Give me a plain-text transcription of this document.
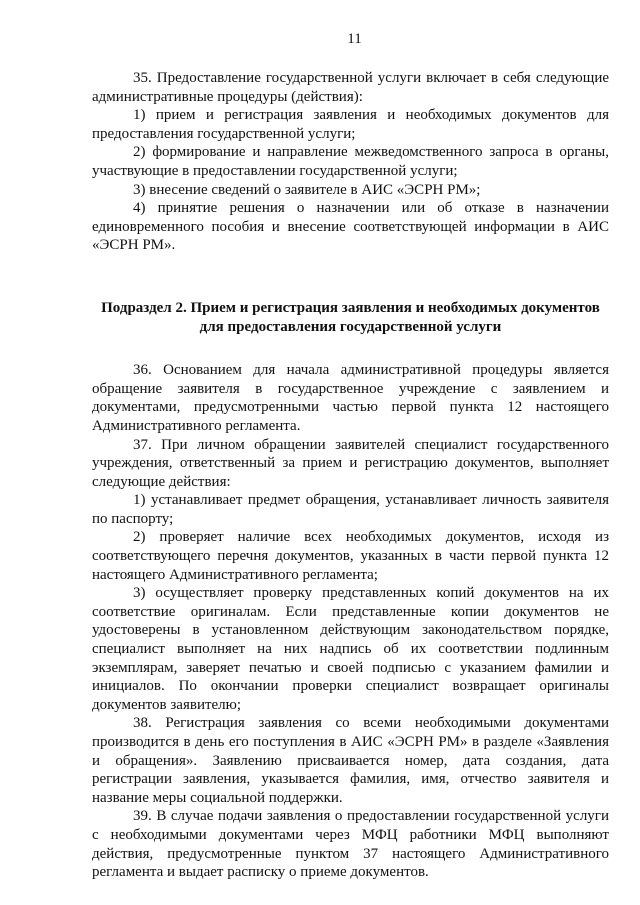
11

35. Предоставление государственной услуги включает в себя следующие административные процедуры (действия):

1) прием и регистрация заявления и необходимых документов для предоставления государственной услуги;

2) формирование и направление межведомственного запроса в органы, участвующие в предоставлении государственной услуги;

3) внесение сведений о заявителе в АИС «ЭСРН РМ»;

4) принятие решения о назначении или об отказе в назначении единовременного пособия и внесение соответствующей информации в АИС «ЭСРН РМ».

Подраздел 2. Прием и регистрация заявления и необходимых документов
для предоставления государственной услуги

36. Основанием для начала административной процедуры является обращение заявителя в государственное учреждение с заявлением и документами, предусмотренными частью первой пункта 12 настоящего Административного регламента.

37. При личном обращении заявителей специалист государственного учреждения, ответственный за прием и регистрацию документов, выполняет следующие действия:

1) устанавливает предмет обращения, устанавливает личность заявителя по паспорту;

2) проверяет наличие всех необходимых документов, исходя из соответствующего перечня документов, указанных в части первой пункта 12 настоящего Административного регламента;

3) осуществляет проверку представленных копий документов на их соответствие оригиналам. Если представленные копии документов не удостоверены в установленном действующим законодательством порядке, специалист выполняет на них надпись об их соответствии подлинным экземплярам, заверяет печатью и своей подписью с указанием фамилии и инициалов. По окончании проверки специалист возвращает оригиналы документов заявителю;

38. Регистрация заявления со всеми необходимыми документами производится в день его поступления в АИС «ЭСРН РМ» в разделе «Заявления и обращения». Заявлению присваивается номер, дата создания, дата регистрации заявления, указывается фамилия, имя, отчество заявителя и название меры социальной поддержки.

39. В случае подачи заявления о предоставлении государственной услуги с необходимыми документами через МФЦ работники МФЦ выполняют действия, предусмотренные пунктом 37 настоящего Административного регламента и выдает расписку о приеме документов.
